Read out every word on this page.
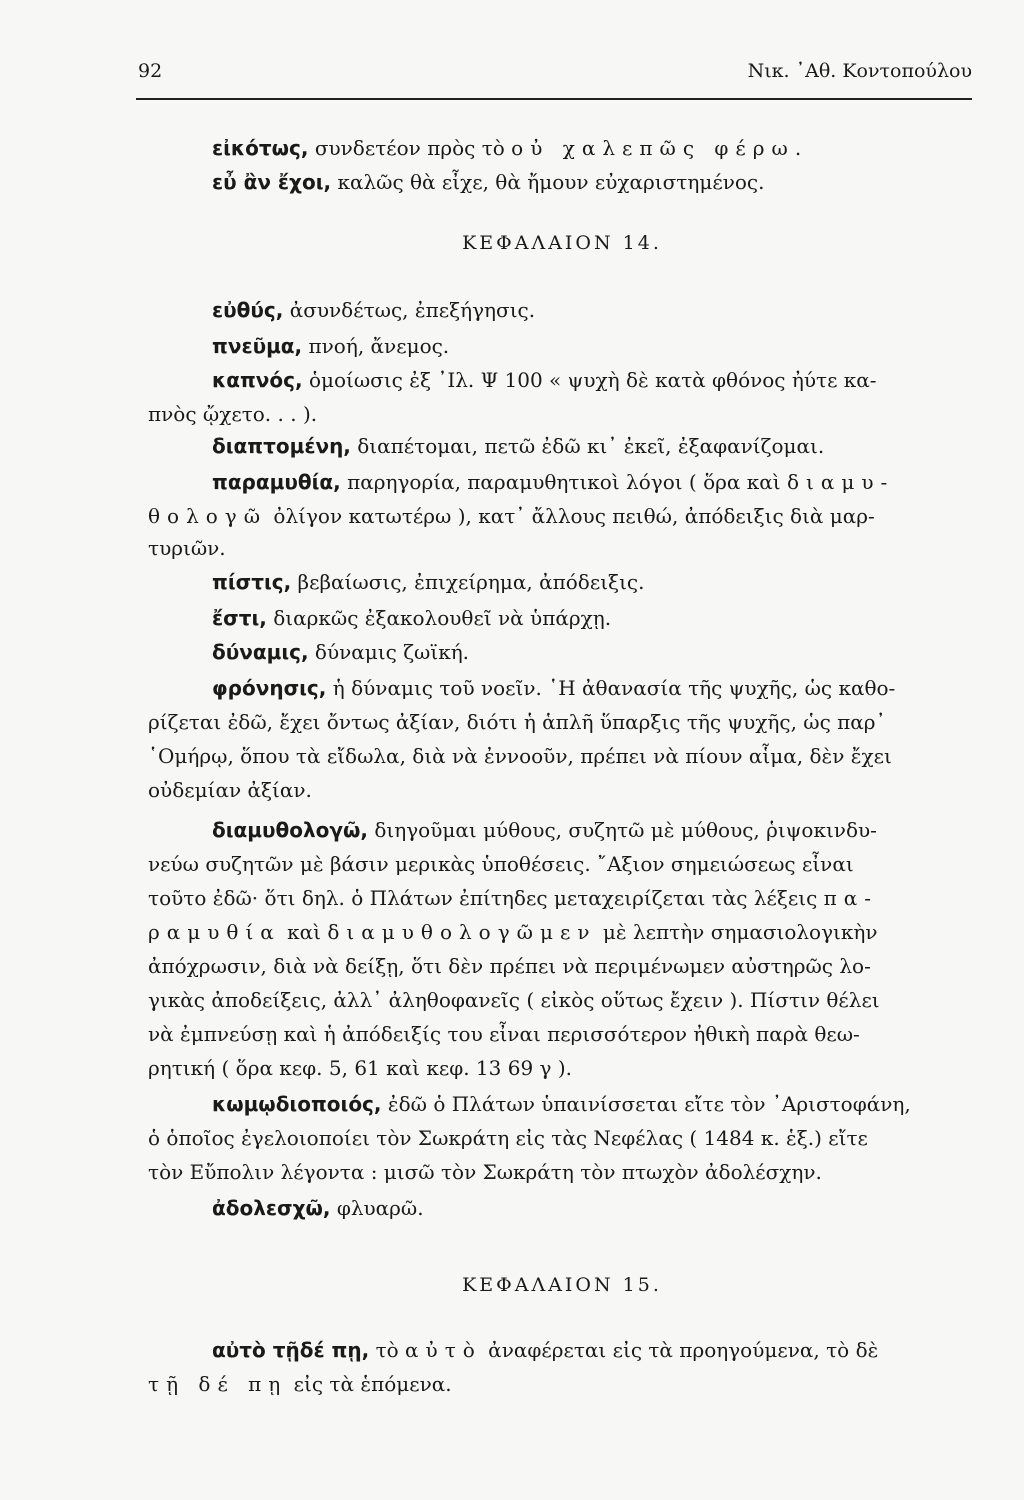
92	Νικ. ᾿Αθ. Κοντοπούλου
εἰκότως, συνδετέον πρὸς τὸ οὐ χαλεπῶς φέρω.
εὖ ἂν ἔχοι, καλῶς θὰ εἶχε, θὰ ἤμουν εὐχαριστημένος.
ΚΕΦΑΛΑΙΟΝ 14.
εὐθύς, ἀσυνδέτως, ἐπεξήγησις.
πνεῦμα, πνοή, ἄνεμος.
καπνός, ὁμοίωσις ἐξ ᾿Ιλ. Ψ 100 « ψυχὴ δὲ κατὰ φθόνος ἠύτε κα-
πνὸς ᾤχετο. . . ).
διαπτομένη, διαπέτομαι, πετῶ ἐδῶ κι᾿ ἐκεῖ, ἐξαφανίζομαι.
παραμυθία, παρηγορία, παραμυθητικοὶ λόγοι ( ὅρα καὶ διαμυ-
θολογῶ ὀλίγον κατωτέρω ), κατ᾿ ἄλλους πειθώ, ἀπόδειξις διὰ μαρ-
τυριῶν.
πίστις, βεβαίωσις, ἐπιχείρημα, ἀπόδειξις.
ἔστι, διαρκῶς ἐξακολουθεῖ νὰ ὑπάρχῃ.
δύναμις, δύναμις ζωϊκή.
φρόνησις, ἡ δύναμις τοῦ νοεῖν. ῾Η ἀθανασία τῆς ψυχῆς, ὡς καθο-
ρίζεται ἐδῶ, ἔχει ὄντως ἀξίαν, διότι ἡ ἁπλῆ ὕπαρξις τῆς ψυχῆς, ὡς παρ᾿
῾Ομήρῳ, ὅπου τὰ εἴδωλα, διὰ νὰ ἐννοοῦν, πρέπει νὰ πίουν αἷμα, δὲν ἔχει
οὐδεμίαν ἀξίαν.
διαμυθολογῶ, διηγοῦμαι μύθους, συζητῶ μὲ μύθους, ῥιψοκινδυ-
νεύω συζητῶν μὲ βάσιν μερικὰς ὑποθέσεις. ῎Αξιον σημειώσεως εἶναι
τοῦτο ἐδῶ· ὅτι δηλ. ὁ Πλάτων ἐπίτηδες μεταχειρίζεται τὰς λέξεις πα-
ραμυθία καὶ διαμυθολογῶμεν μὲ λεπτὴν σημασιολογικὴν
ἀπόχρωσιν, διὰ νὰ δείξῃ, ὅτι δὲν πρέπει νὰ περιμένωμεν αὐστηρῶς λο-
γικὰς ἀποδείξεις, ἀλλ᾿ ἀληθοφανεῖς ( εἰκὸς οὕτως ἔχειν ). Πίστιν θέλει
νὰ ἐμπνεύσῃ καὶ ἡ ἀπόδειξίς του εἶναι περισσότερον ἠθικὴ παρὰ θεω-
ρητική ( ὅρα κεφ. 5, 61 καὶ κεφ. 13 69 γ ).
κωμῳδιοποιός, ἐδῶ ὁ Πλάτων ὑπαινίσσεται εἴτε τὸν ᾿Αριστοφάνη,
ὁ ὁποῖος ἐγελοιοποίει τὸν Σωκράτη εἰς τὰς Νεφέλας ( 1484 κ. ἑξ.) εἴτε
τὸν Εὔπολιν λέγοντα : μισῶ τὸν Σωκράτη τὸν πτωχὸν ἀδολέσχην.
ἀδολεσχῶ, φλυαρῶ.
ΚΕΦΑΛΑΙΟΝ 15.
αὐτὸ τῇδέ πῃ, τὸ αὐτὸ ἀναφέρεται εἰς τὰ προηγούμενα, τὸ δὲ
τῇ δέ πῃ εἰς τὰ ἑπόμενα.
